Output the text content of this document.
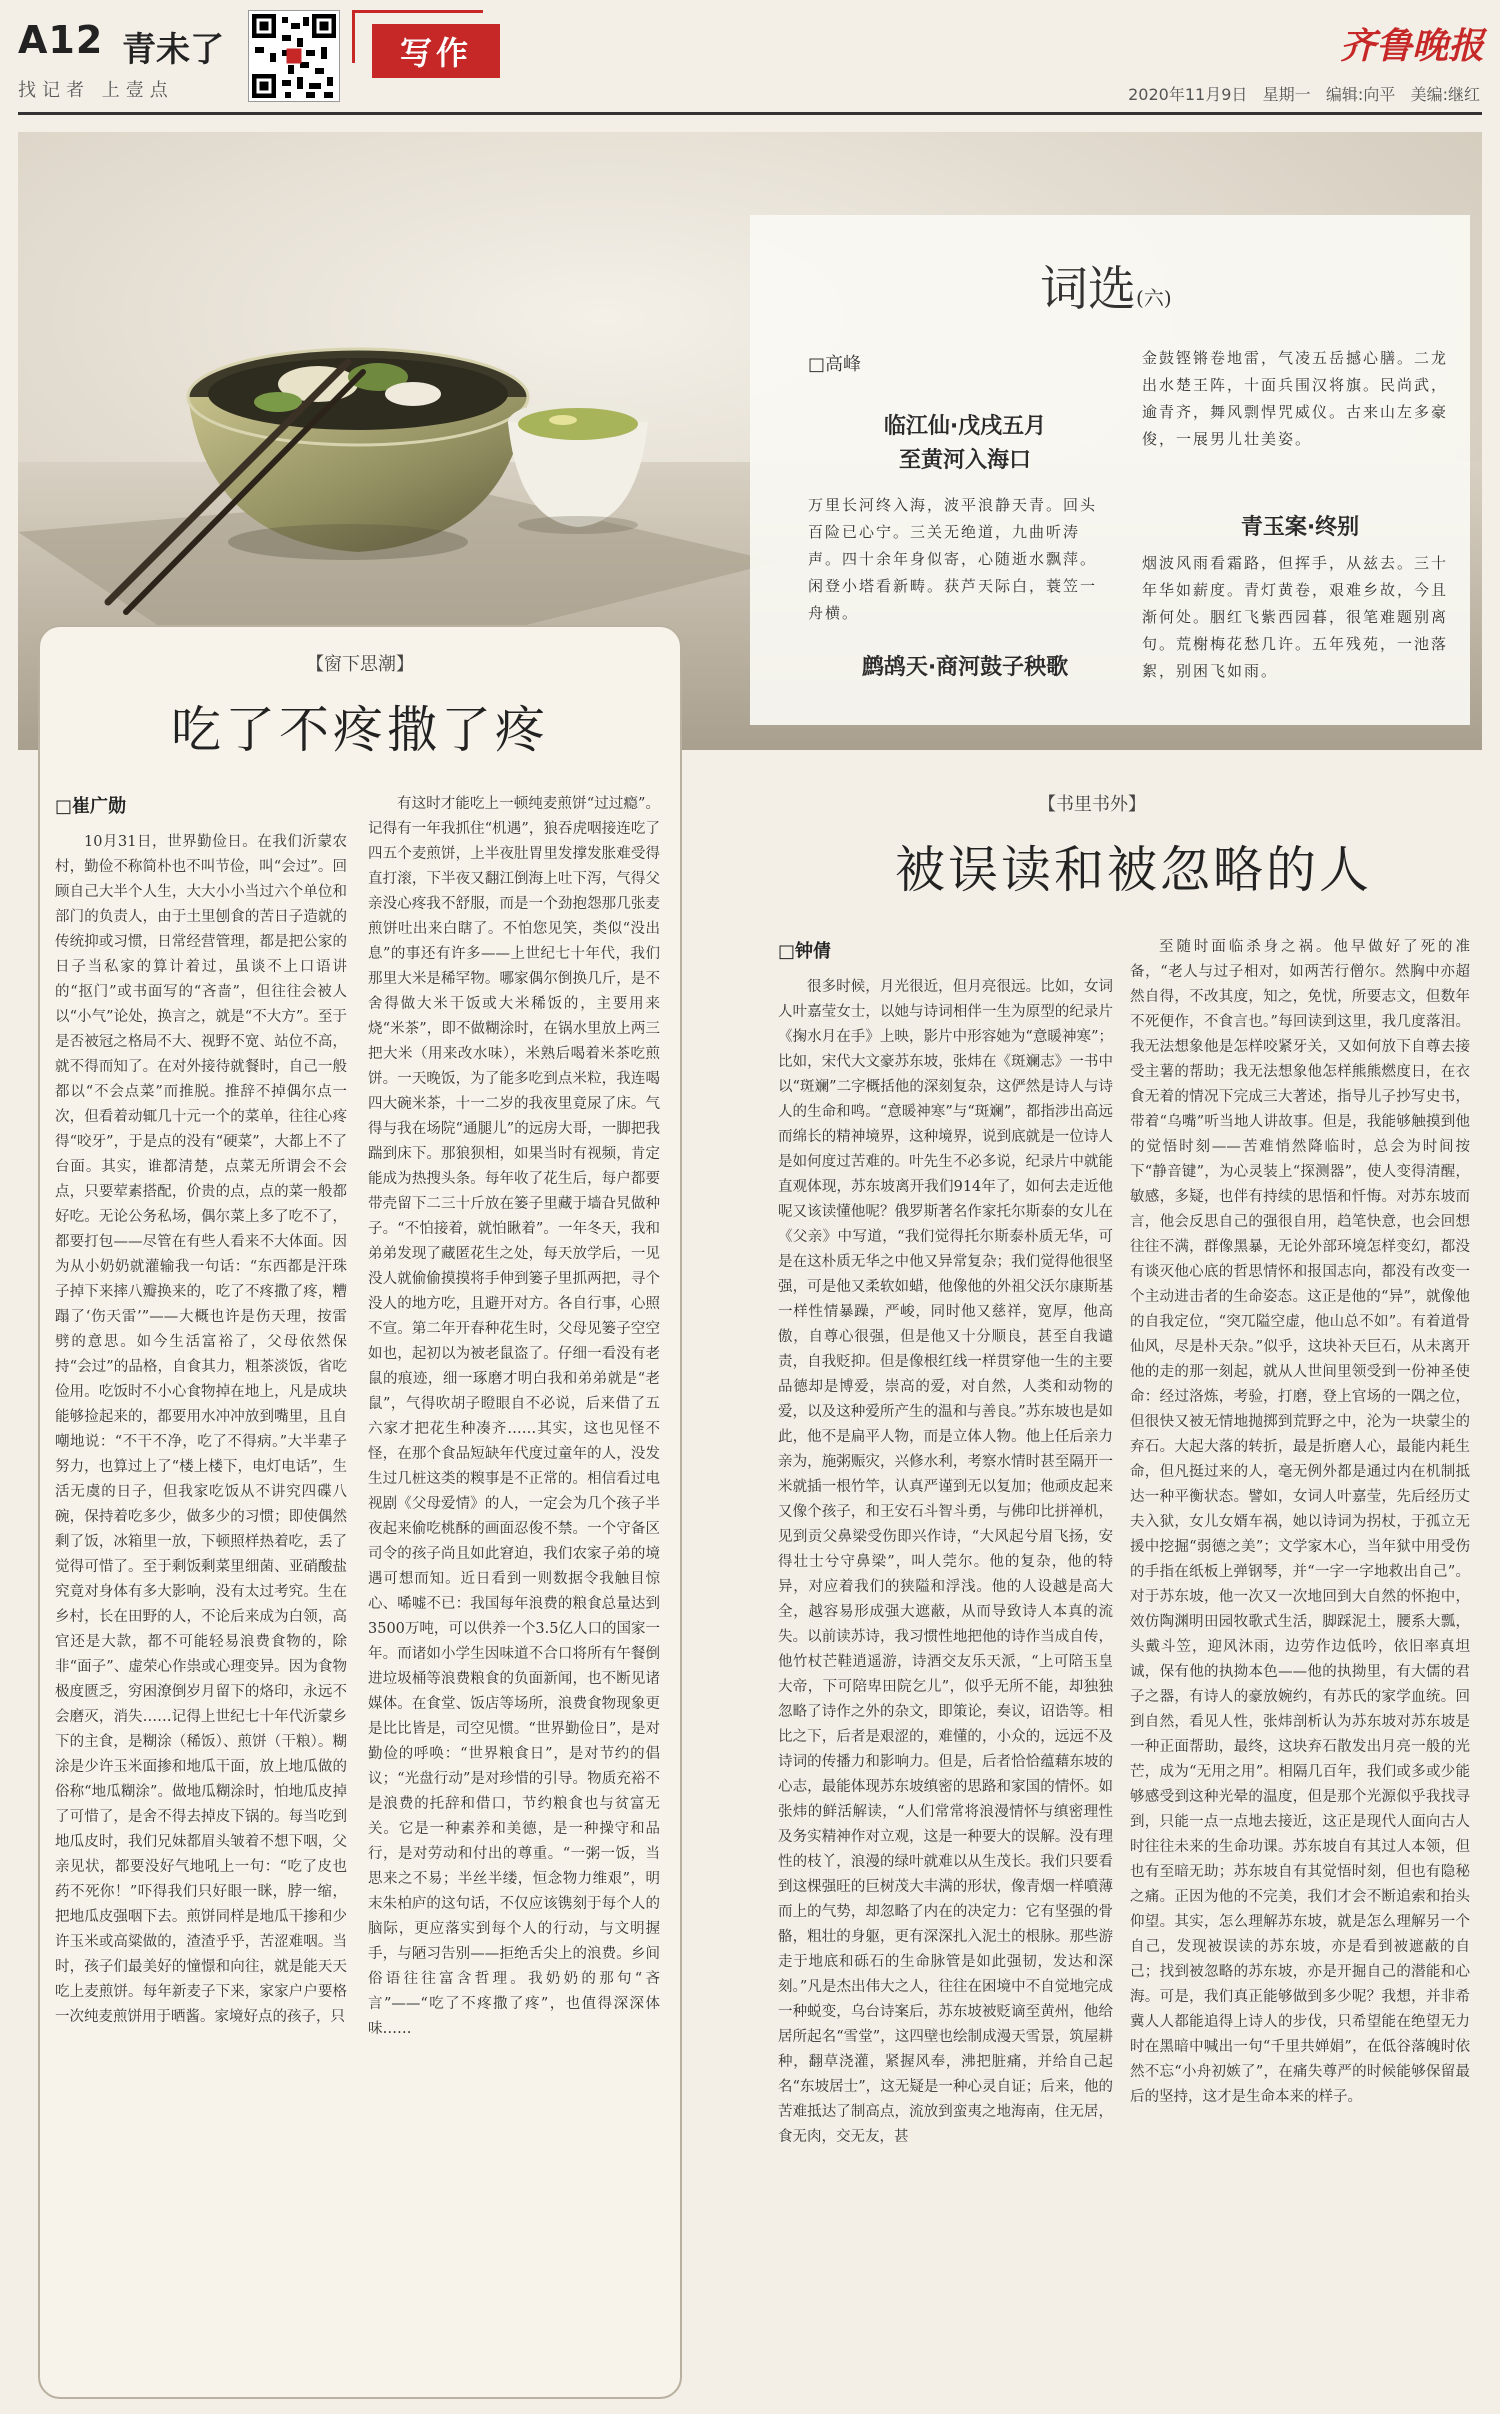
A12 青未了
找记者 上壹点
写作	齐鲁晚报
2020年11月9日 星期一 编辑:向平 美编:继红
词选(六)
□高峰
临江仙·戊戌五月
至黄河入海口
万里长河终入海，波平浪静天青。回头百险已心宁。三关无绝道，九曲听涛声。四十余年身似寄，心随逝水飘萍。闲登小塔看新畴。获芦天际白，蓑笠一舟横。
鹧鸪天·商河鼓子秧歌
金鼓铿锵卷地雷，气凌五岳撼心膳。二龙出水楚王阵，十面兵围汉将旗。民尚武，逾青齐，舞风剽悍咒威仪。古来山左多豪俊，一展男儿壮美姿。
青玉案·终别
烟波风雨看霜路，但挥手，从兹去。三十年华如薪度。青灯黄卷，艰难乡故，今且渐何处。胭红飞紫西园暮，很笔难题别离句。荒榭梅花愁几许。五年残苑，一池落絮，别困飞如雨。
【窗下思潮】
吃了不疼撒了疼
□崔广勋

10月31日，世界勤俭日。在我们沂蒙农村，勤俭不称简朴也不叫节俭，叫“会过”。回顾自己大半个人生，大大小小当过六个单位和部门的负责人，由于土里刨食的苦日子造就的传统抑或习惯，日常经营管理，都是把公家的日子当私家的算计着过，虽谈不上口语讲的“抠门”或书面写的“吝啬”，但往往会被人以“小气”论处，换言之，就是“不大方”。至于是否被冠之格局不大、视野不宽、站位不高，就不得而知了。在对外接待就餐时，自己一般都以“不会点菜”而推脱。推辞不掉偶尔点一次，但看着动辄几十元一个的菜单，往往心疼得“咬牙”，于是点的没有“硬菜”，大都上不了台面。其实，谁都清楚，点菜无所谓会不会点，只要荤素搭配，价贵的点，点的菜一般都好吃。无论公务私场，偶尔菜上多了吃不了，都要打包——尽管在有些人看来不大体面。因为从小奶奶就灌输我一句话：“东西都是汗珠子掉下来摔八瓣换来的，吃了不疼撒了疼，糟蹋了‘伤天雷’”——大概也许是伤天理，按雷劈的意思。如今生活富裕了，父母依然保持“会过”的品格，自食其力，粗茶淡饭，省吃俭用。吃饭时不小心食物掉在地上，凡是成块能够捡起来的，都要用水冲冲放到嘴里，且自嘲地说：“不干不净，吃了不得病。”大半辈子努力，也算过上了“楼上楼下，电灯电话”，生活无虞的日子，但我家吃饭从不讲究四碟八碗，保持着吃多少，做多少的习惯；即使偶然剩了饭，冰箱里一放，下顿照样热着吃，丢了觉得可惜了。至于剩饭剩菜里细菌、亚硝酸盐究竟对身体有多大影响，没有太过考究。生在乡村，长在田野的人，不论后来成为白领，高官还是大款，都不可能轻易浪费食物的，除非“面子”、虚荣心作祟或心理变异。因为食物极度匮乏，穷困潦倒岁月留下的烙印，永远不会磨灭，消失……记得上世纪七十年代沂蒙乡下的主食，是糊涂（稀饭）、煎饼（干粮）。糊涂是少许玉米面掺和地瓜干面，放上地瓜做的俗称“地瓜糊涂”。做地瓜糊涂时，怕地瓜皮掉了可惜了，是舍不得去掉皮下锅的。每当吃到地瓜皮时，我们兄妹都眉头皱着不想下咽，父亲见状，都要没好气地吼上一句：“吃了皮也药不死你！”吓得我们只好眼一眯，脖一缩，把地瓜皮强咽下去。煎饼同样是地瓜干掺和少许玉米或高粱做的，渣渣乎乎，苦涩难咽。当时，孩子们最美好的憧憬和向往，就是能天天吃上麦煎饼。每年新麦子下来，家家户户要格一次纯麦煎饼用于晒酱。家境好点的孩子，只

有这时才能吃上一顿纯麦煎饼“过过瘾”。记得有一年我抓住“机遇”，狼吞虎咽接连吃了四五个麦煎饼，上半夜肚胃里发撑发胀难受得直打滚，下半夜又翻江倒海上吐下泻，气得父亲没心疼我不舒服，而是一个劲抱怨那几张麦煎饼吐出来白瞎了。不怕您见笑，类似“没出息”的事还有许多——上世纪七十年代，我们那里大米是稀罕物。哪家偶尔倒换几斤，是不舍得做大米干饭或大米稀饭的，主要用来烧“米茶”，即不做糊涂时，在锅水里放上两三把大米（用来改水味），米熟后喝着米茶吃煎饼。一天晚饭，为了能多吃到点米粒，我连喝四大碗米茶，十一二岁的我夜里竟尿了床。气得与我在场院“通腿儿”的远房大哥，一脚把我踹到床下。那狼狈相，如果当时有视频，肯定能成为热搜头条。每年收了花生后，每户都要带壳留下二三十斤放在篓子里藏于墙旮旯做种子。“不怕接着，就怕瞅着”。一年冬天，我和弟弟发现了藏匿花生之处，每天放学后，一见没人就偷偷摸摸将手伸到篓子里抓两把，寻个没人的地方吃，且避开对方。各自行事，心照不宣。第二年开春种花生时，父母见篓子空空如也，起初以为被老鼠盗了。仔细一看没有老鼠的痕迹，细一琢磨才明白我和弟弟就是“老鼠”，气得吹胡子瞪眼自不必说，后来借了五六家才把花生种凑齐……其实，这也见怪不怪，在那个食品短缺年代度过童年的人，没发生过几桩这类的糗事是不正常的。相信看过电视剧《父母爱情》的人，一定会为几个孩子半夜起来偷吃桃酥的画面忍俊不禁。一个守备区司令的孩子尚且如此窘迫，我们农家子弟的境遇可想而知。近日看到一则数据令我触目惊心、唏嘘不已：我国每年浪费的粮食总量达到3500万吨，可以供养一个3.5亿人口的国家一年。而诸如小学生因味道不合口将所有午餐倒进垃圾桶等浪费粮食的负面新闻，也不断见诸媒体。在食堂、饭店等场所，浪费食物现象更是比比皆是，司空见惯。“世界勤俭日”，是对勤俭的呼唤：“世界粮食日”，是对节约的倡议；“光盘行动”是对珍惜的引导。物质充裕不是浪费的托辞和借口，节约粮食也与贫富无关。它是一种素养和美德，是一种操守和品行，是对劳动和付出的尊重。“一粥一饭，当思来之不易；半丝半缕，恒念物力维艰”，明末朱柏庐的这句话，不仅应该镌刻于每个人的脑际，更应落实到每个人的行动，与文明握手，与陋习告别——拒绝舌尖上的浪费。乡间俗语往往富含哲理。我奶奶的那句“吝言”——“吃了不疼撒了疼”，也值得深深体味……

【书里书外】
被误读和被忽略的人
□钟倩

很多时候，月光很近，但月亮很远。比如，女词人叶嘉莹女士，以她与诗词相伴一生为原型的纪录片《掬水月在手》上映，影片中形容她为“意暖神寒”；比如，宋代大文豪苏东坡，张炜在《斑斓志》一书中以“斑斓”二字概括他的深刻复杂，这俨然是诗人与诗人的生命和鸣。“意暖神寒”与“斑斓”，都指涉出高远而绵长的精神境界，这种境界，说到底就是一位诗人是如何度过苦难的。叶先生不必多说，纪录片中就能直观体现，苏东坡离开我们914年了，如何去走近他呢又该读懂他呢？俄罗斯著名作家托尔斯泰的女儿在《父亲》中写道，“我们觉得托尔斯泰朴质无华，可是在这朴质无华之中他又异常复杂；我们觉得他很坚强，可是他又柔软如蜡，他像他的外祖父沃尔康斯基一样性情暴躁，严峻，同时他又慈祥，宽厚，他高傲，自尊心很强，但是他又十分顺良，甚至自我谴责，自我贬抑。但是像根红线一样贯穿他一生的主要品德却是博爱，崇高的爱，对自然，人类和动物的爱，以及这种爱所产生的温和与善良。”苏东坡也是如此，他不是扁平人物，而是立体人物。他上任后亲力亲为，施粥赈灾，兴修水利，考察水情时甚至隔开一米就插一根竹竿，认真严谨到无以复加；他顽皮起来又像个孩子，和王安石斗智斗勇，与佛印比拼禅机，见到贡父鼻梁受伤即兴作诗，“大风起兮眉飞扬，安得壮士兮守鼻梁”，叫人莞尔。他的复杂，他的特异，对应着我们的狭隘和浮浅。他的人设越是高大全，越容易形成强大遮蔽，从而导致诗人本真的流失。以前读苏诗，我习惯性地把他的诗作当成自传，他竹杖芒鞋逍遥游，诗酒交友乐天派，“上可陪玉皇大帝，下可陪卑田院乞儿”，似乎无所不能，却独独忽略了诗作之外的杂文，即策论，奏议，诏诰等。相比之下，后者是艰涩的，难懂的，小众的，远远不及诗词的传播力和影响力。但是，后者恰恰蕴藉东坡的心志，最能体现苏东坡缜密的思路和家国的情怀。如张炜的鲜活解读，“人们常常将浪漫情怀与缜密理性及务实精神作对立观，这是一种要大的误解。没有理性的枝丫，浪漫的绿叶就难以从生茂长。我们只要看到这棵强旺的巨树茂大丰满的形状，像青烟一样噴薄而上的气势，却忽略了内在的决定力：它有坚强的骨骼，粗壮的身躯，更有深深扎入泥土的根脉。那些游走于地底和砾石的生命脉管是如此强韧，发达和深刻。”凡是杰出伟大之人，往往在困境中不自觉地完成一种蜕变，乌台诗案后，苏东坡被贬谪至黄州，他给居所起名“雪堂”，这四壁也绘制成漫天雪景，筑屋耕种，翻草浇灌，紧握风奉，沸把脏痛，并给自己起名“东坡居士”，这无疑是一种心灵自证；后来，他的苦难抵达了制高点，流放到蛮夷之地海南，住无居，食无肉，交无友，甚

至随时面临杀身之祸。他早做好了死的准备，“老人与过子相对，如两苦行僧尔。然胸中亦超然自得，不改其度，知之，免忧，所要志文，但数年不死便作，不食言也。”每回读到这里，我几度落泪。我无法想象他是怎样咬紧牙关，又如何放下自尊去接受主薯的帮助；我无法想象他怎样熊熊燃度日，在衣食无着的情况下完成三大著述，指导儿子抄写史书，带着“乌嘴”听当地人讲故事。但是，我能够触摸到他的觉悟时刻——苦难悄然降临时，总会为时间按下“静音键”，为心灵装上“探测器”，使人变得清醒，敏感，多疑，也伴有持续的思悟和忏悔。对苏东坡而言，他会反思自己的强很自用，趋笔快意，也会回想往往不满，群像黑暴，无论外部环境怎样变幻，都没有谈灭他心底的哲思情怀和报国志向，都没有改变一个主动进击者的生命姿态。这正是他的“异”，就像他的自我定位，“突兀隘空虚，他山总不如”。有着道骨仙风，尽是朴天杂。”似乎，这块补天巨石，从未离开他的走的那一刻起，就从人世间里领受到一份神圣使命：经过洛炼，考验，打磨，登上官场的一隅之位，但很快又被无情地抛掷到荒野之中，沦为一块蒙尘的弃石。大起大落的转折，最是折磨人心，最能内耗生命，但凡挺过来的人，毫无例外都是通过内在机制抵达一种平衡状态。譬如，女词人叶嘉莹，先后经历丈夫入狱，女儿女婿车祸，她以诗词为拐杖，于孤立无援中挖掘“弱德之美”；文学家木心，当年狱中用受伤的手指在纸板上弹钢琴，并“一字一字地救出自己”。对于苏东坡，他一次又一次地回到大自然的怀抱中，效仿陶渊明田园牧歌式生活，脚踩泥土，腰系大瓢，头戴斗笠，迎风沐雨，边劳作边低吟，依旧率真坦诚，保有他的执拗本色——他的执拗里，有大儒的君子之器，有诗人的豪放婉约，有苏氏的家学血统。回到自然，看见人性，张炜剖析认为苏东坡对苏东坡是一种正面帮助，最终，这块弃石散发出月亮一般的光芒，成为“无用之用”。相隔几百年，我们或多或少能够感受到这种光晕的温度，但是那个光源似乎我找寻到，只能一点一点地去接近，这正是现代人面向古人时往往未来的生命功课。苏东坡自有其过人本领，但也有至暗无助；苏东坡自有其觉悟时刻，但也有隐秘之痛。正因为他的不完美，我们才会不断追索和抬头仰望。其实，怎么理解苏东坡，就是怎么理解另一个自己，发现被误读的苏东坡，亦是看到被遮蔽的自己；找到被忽略的苏东坡，亦是开掘自己的潜能和心海。可是，我们真正能够做到多少呢？我想，并非希冀人人都能追得上诗人的步伐，只希望能在绝望无力时在黑暗中喊出一句“千里共婵娟”，在低谷落魄时依然不忘“小舟初嫉了”，在痛失尊严的时候能够保留最后的坚持，这才是生命本来的样子。
